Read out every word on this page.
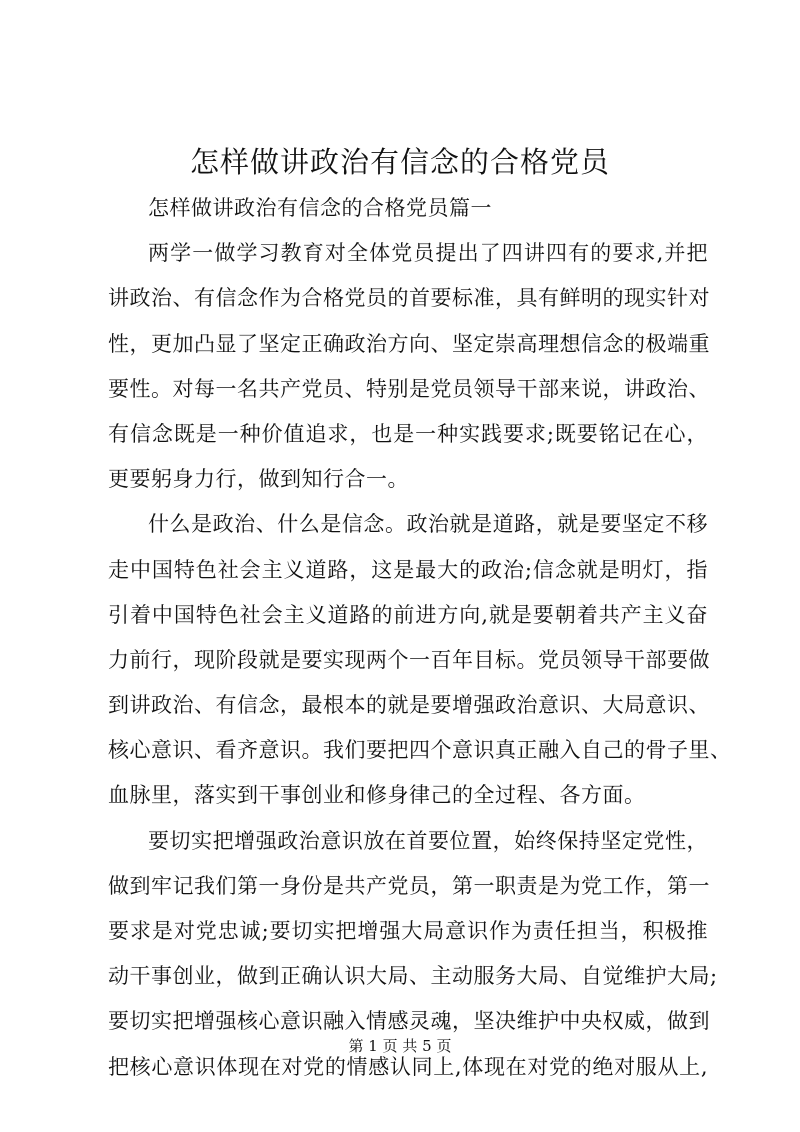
怎样做讲政治有信念的合格党员
怎样做讲政治有信念的合格党员篇一
两学一做学习教育对全体党员提出了四讲四有的要求,并把
讲政治、有信念作为合格党员的首要标准，具有鲜明的现实针对
性，更加凸显了坚定正确政治方向、坚定崇高理想信念的极端重
要性。对每一名共产党员、特别是党员领导干部来说，讲政治、
有信念既是一种价值追求，也是一种实践要求;既要铭记在心，
更要躬身力行，做到知行合一。
什么是政治、什么是信念。政治就是道路，就是要坚定不移
走中国特色社会主义道路，这是最大的政治;信念就是明灯，指
引着中国特色社会主义道路的前进方向,就是要朝着共产主义奋
力前行，现阶段就是要实现两个一百年目标。党员领导干部要做
到讲政治、有信念，最根本的就是要增强政治意识、大局意识、
核心意识、看齐意识。我们要把四个意识真正融入自己的骨子里、
血脉里，落实到干事创业和修身律己的全过程、各方面。
要切实把增强政治意识放在首要位置，始终保持坚定党性，
做到牢记我们第一身份是共产党员，第一职责是为党工作，第一
要求是对党忠诚;要切实把增强大局意识作为责任担当，积极推
动干事创业，做到正确认识大局、主动服务大局、自觉维护大局;
要切实把增强核心意识融入情感灵魂，坚决维护中央权威，做到
把核心意识体现在对党的情感认同上,体现在对党的绝对服从上,
第 1 页 共 5 页
